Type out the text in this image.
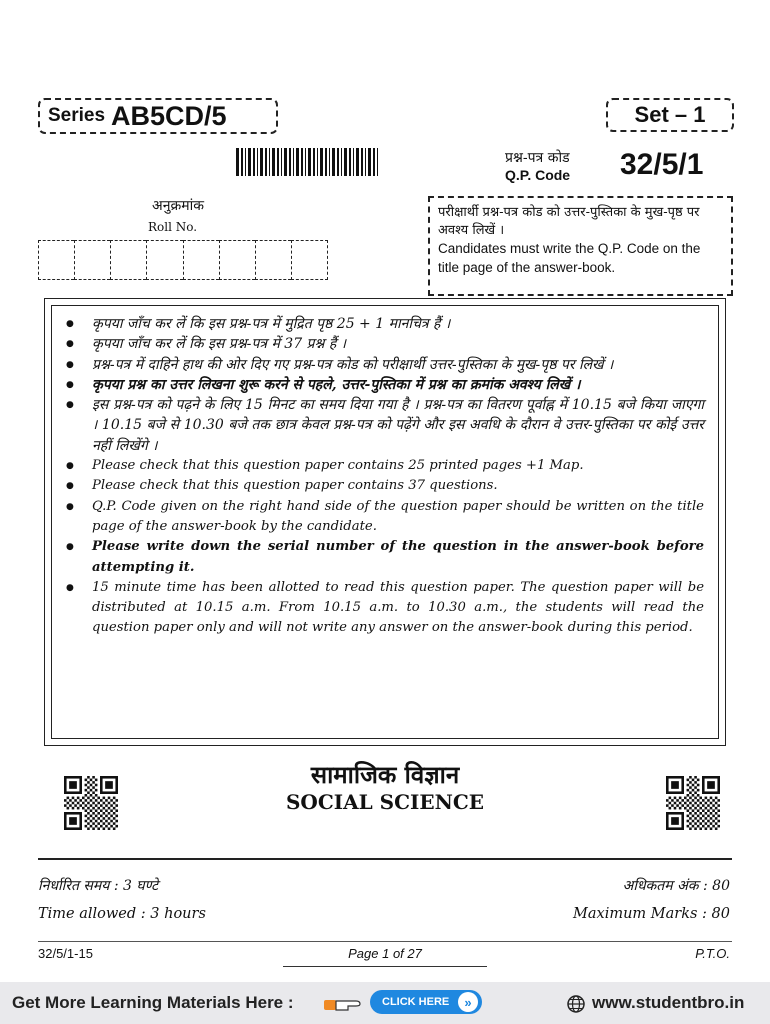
Series AB5CD/5	Set – 1
प्रश्न-पत्र कोड
Q.P. Code 32/5/1
अनुक्रमांक
Roll No.
परीक्षार्थी प्रश्न-पत्र कोड को उत्तर-पुस्तिका के मुख-पृष्ठ पर अवश्य लिखें ।
Candidates must write the Q.P. Code on the title page of the answer-book.
● कृपया जाँच कर लें कि इस प्रश्न-पत्र में मुद्रित पृष्ठ 25 + 1 मानचित्र हैं ।
● कृपया जाँच कर लें कि इस प्रश्न-पत्र में 37 प्रश्न हैं ।
● प्रश्न-पत्र में दाहिने हाथ की ओर दिए गए प्रश्न-पत्र कोड को परीक्षार्थी उत्तर-पुस्तिका के मुख-पृष्ठ पर लिखें ।
● कृपया प्रश्न का उत्तर लिखना शुरू करने से पहले, उत्तर-पुस्तिका में प्रश्न का क्रमांक अवश्य लिखें ।
● इस प्रश्न-पत्र को पढ़ने के लिए 15 मिनट का समय दिया गया है । प्रश्न-पत्र का वितरण पूर्वाह्न में 10.15 बजे किया जाएगा । 10.15 बजे से 10.30 बजे तक छात्र केवल प्रश्न-पत्र को पढ़ेंगे और इस अवधि के दौरान वे उत्तर-पुस्तिका पर कोई उत्तर नहीं लिखेंगे ।
● Please check that this question paper contains 25 printed pages +1 Map.
● Please check that this question paper contains 37 questions.
● Q.P. Code given on the right hand side of the question paper should be written on the title page of the answer-book by the candidate.
● Please write down the serial number of the question in the answer-book before attempting it.
● 15 minute time has been allotted to read this question paper. The question paper will be distributed at 10.15 a.m. From 10.15 a.m. to 10.30 a.m., the students will read the question paper only and will not write any answer on the answer-book during this period.
सामाजिक विज्ञान
SOCIAL SCIENCE
निर्धारित समय : 3 घण्टे	अधिकतम अंक : 80
Time allowed : 3 hours	Maximum Marks : 80
32/5/1-15	Page 1 of 27	P.T.O.
Get More Learning Materials Here :	CLICK HERE	»	www.studentbro.in
